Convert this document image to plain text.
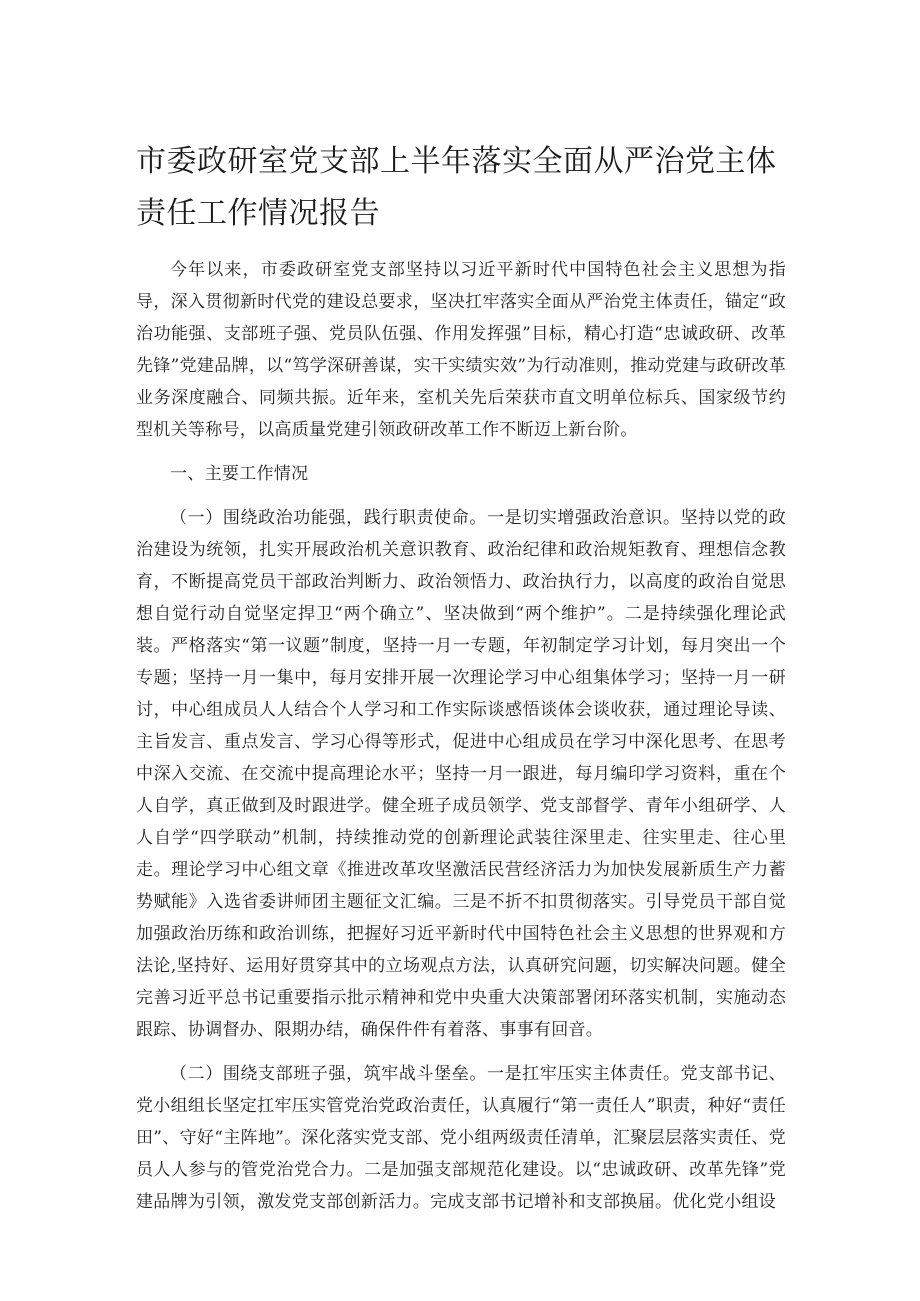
市委政研室党支部上半年落实全面从严治党主体责任工作情况报告

今年以来，市委政研室党支部坚持以习近平新时代中国特色社会主义思想为指导，深入贯彻新时代党的建设总要求，坚决扛牢落实全面从严治党主体责任，锚定“政治功能强、支部班子强、党员队伍强、作用发挥强”目标，精心打造“忠诚政研、改革先锋”党建品牌，以“笃学深研善谋，实干实绩实效”为行动准则，推动党建与政研改革业务深度融合、同频共振。近年来，室机关先后荣获市直文明单位标兵、国家级节约型机关等称号，以高质量党建引领政研改革工作不断迈上新台阶。

一、主要工作情况

（一）围绕政治功能强，践行职责使命。一是切实增强政治意识。坚持以党的政治建设为统领，扎实开展政治机关意识教育、政治纪律和政治规矩教育、理想信念教育，不断提高党员干部政治判断力、政治领悟力、政治执行力，以高度的政治自觉思想自觉行动自觉坚定捍卫“两个确立”、坚决做到“两个维护”。二是持续强化理论武装。严格落实“第一议题”制度，坚持一月一专题，年初制定学习计划，每月突出一个专题；坚持一月一集中，每月安排开展一次理论学习中心组集体学习；坚持一月一研讨，中心组成员人人结合个人学习和工作实际谈感悟谈体会谈收获，通过理论导读、主旨发言、重点发言、学习心得等形式，促进中心组成员在学习中深化思考、在思考中深入交流、在交流中提高理论水平；坚持一月一跟进，每月编印学习资料，重在个人自学，真正做到及时跟进学。健全班子成员领学、党支部督学、青年小组研学、人人自学“四学联动”机制，持续推动党的创新理论武装往深里走、往实里走、往心里走。理论学习中心组文章《推进改革攻坚激活民营经济活力为加快发展新质生产力蓄势赋能》入选省委讲师团主题征文汇编。三是不折不扣贯彻落实。引导党员干部自觉加强政治历练和政治训练，把握好习近平新时代中国特色社会主义思想的世界观和方法论,坚持好、运用好贯穿其中的立场观点方法，认真研究问题，切实解决问题。健全完善习近平总书记重要指示批示精神和党中央重大决策部署闭环落实机制，实施动态跟踪、协调督办、限期办结，确保件件有着落、事事有回音。

（二）围绕支部班子强，筑牢战斗堡垒。一是扛牢压实主体责任。党支部书记、党小组组长坚定扛牢压实管党治党政治责任，认真履行“第一责任人”职责，种好“责任田”、守好“主阵地”。深化落实党支部、党小组两级责任清单，汇聚层层落实责任、党员人人参与的管党治党合力。二是加强支部规范化建设。以“忠诚政研、改革先锋”党建品牌为引领，激发党支部创新活力。完成支部书记增补和支部换届。优化党小组设
